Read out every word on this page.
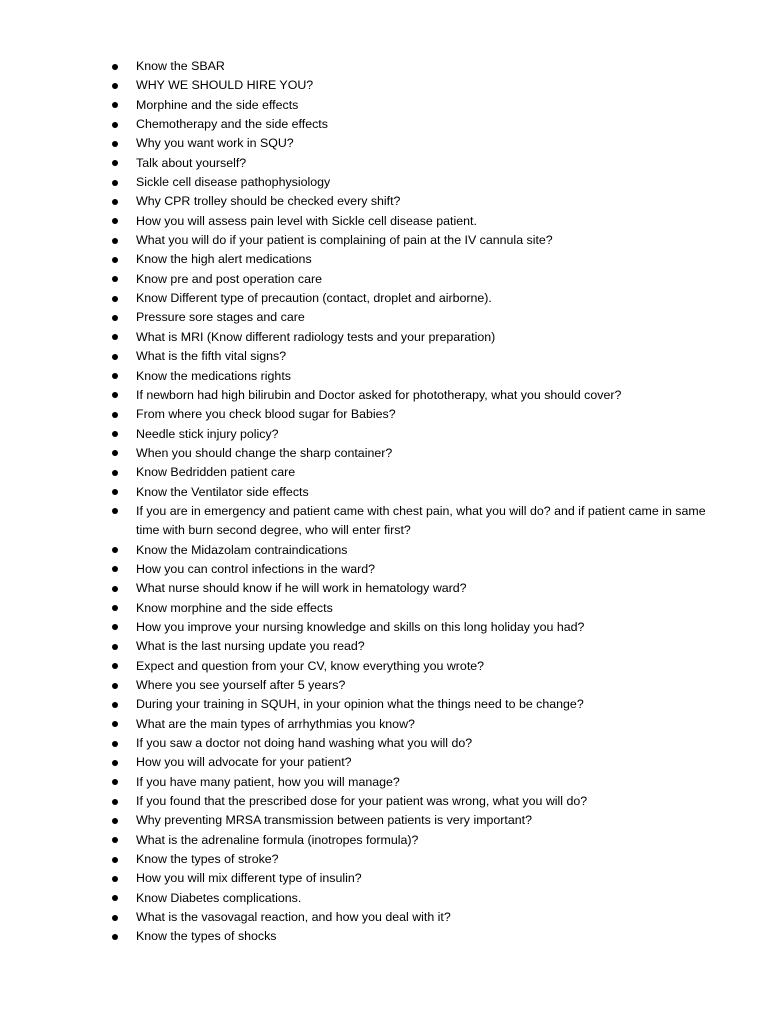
Know the SBAR
WHY WE SHOULD HIRE YOU?
Morphine and the side effects
Chemotherapy and the side effects
Why you want work in SQU?
Talk about yourself?
Sickle cell disease pathophysiology
Why CPR trolley should be checked every shift?
How you will assess pain level with Sickle cell disease patient.
What you will do if your patient is complaining of pain at the IV cannula site?
Know the high alert medications
Know pre and post operation care
Know Different type of precaution (contact, droplet and airborne).
Pressure sore stages and care
What is MRI (Know different radiology tests and your preparation)
What is the fifth vital signs?
Know the medications rights
If newborn had high bilirubin and Doctor asked for phototherapy, what you should cover?
From where you check blood sugar for Babies?
Needle stick injury policy?
When you should change the sharp container?
Know Bedridden patient care
Know the Ventilator side effects
If you are in emergency and patient came with chest pain, what you will do? and if patient came in same time with burn second degree, who will enter first?
Know the Midazolam contraindications
How you can control infections in the ward?
What nurse should know if he will work in hematology ward?
Know morphine and the side effects
How you improve your nursing knowledge and skills on this long holiday you had?
What is the last nursing update you read?
Expect and question from your CV, know everything you wrote?
Where you see yourself after 5 years?
During your training in SQUH, in your opinion what the things need to be change?
What are the main types of arrhythmias you know?
If you saw a doctor not doing hand washing what you will do?
How you will advocate for your patient?
If you have many patient, how you will manage?
If you found that the prescribed dose for your patient was wrong, what you will do?
Why preventing MRSA transmission between patients is very important?
What is the adrenaline formula (inotropes formula)?
Know the types of stroke?
How you will mix different type of insulin?
Know Diabetes complications.
What is the vasovagal reaction, and how you deal with it?
Know the types of shocks
